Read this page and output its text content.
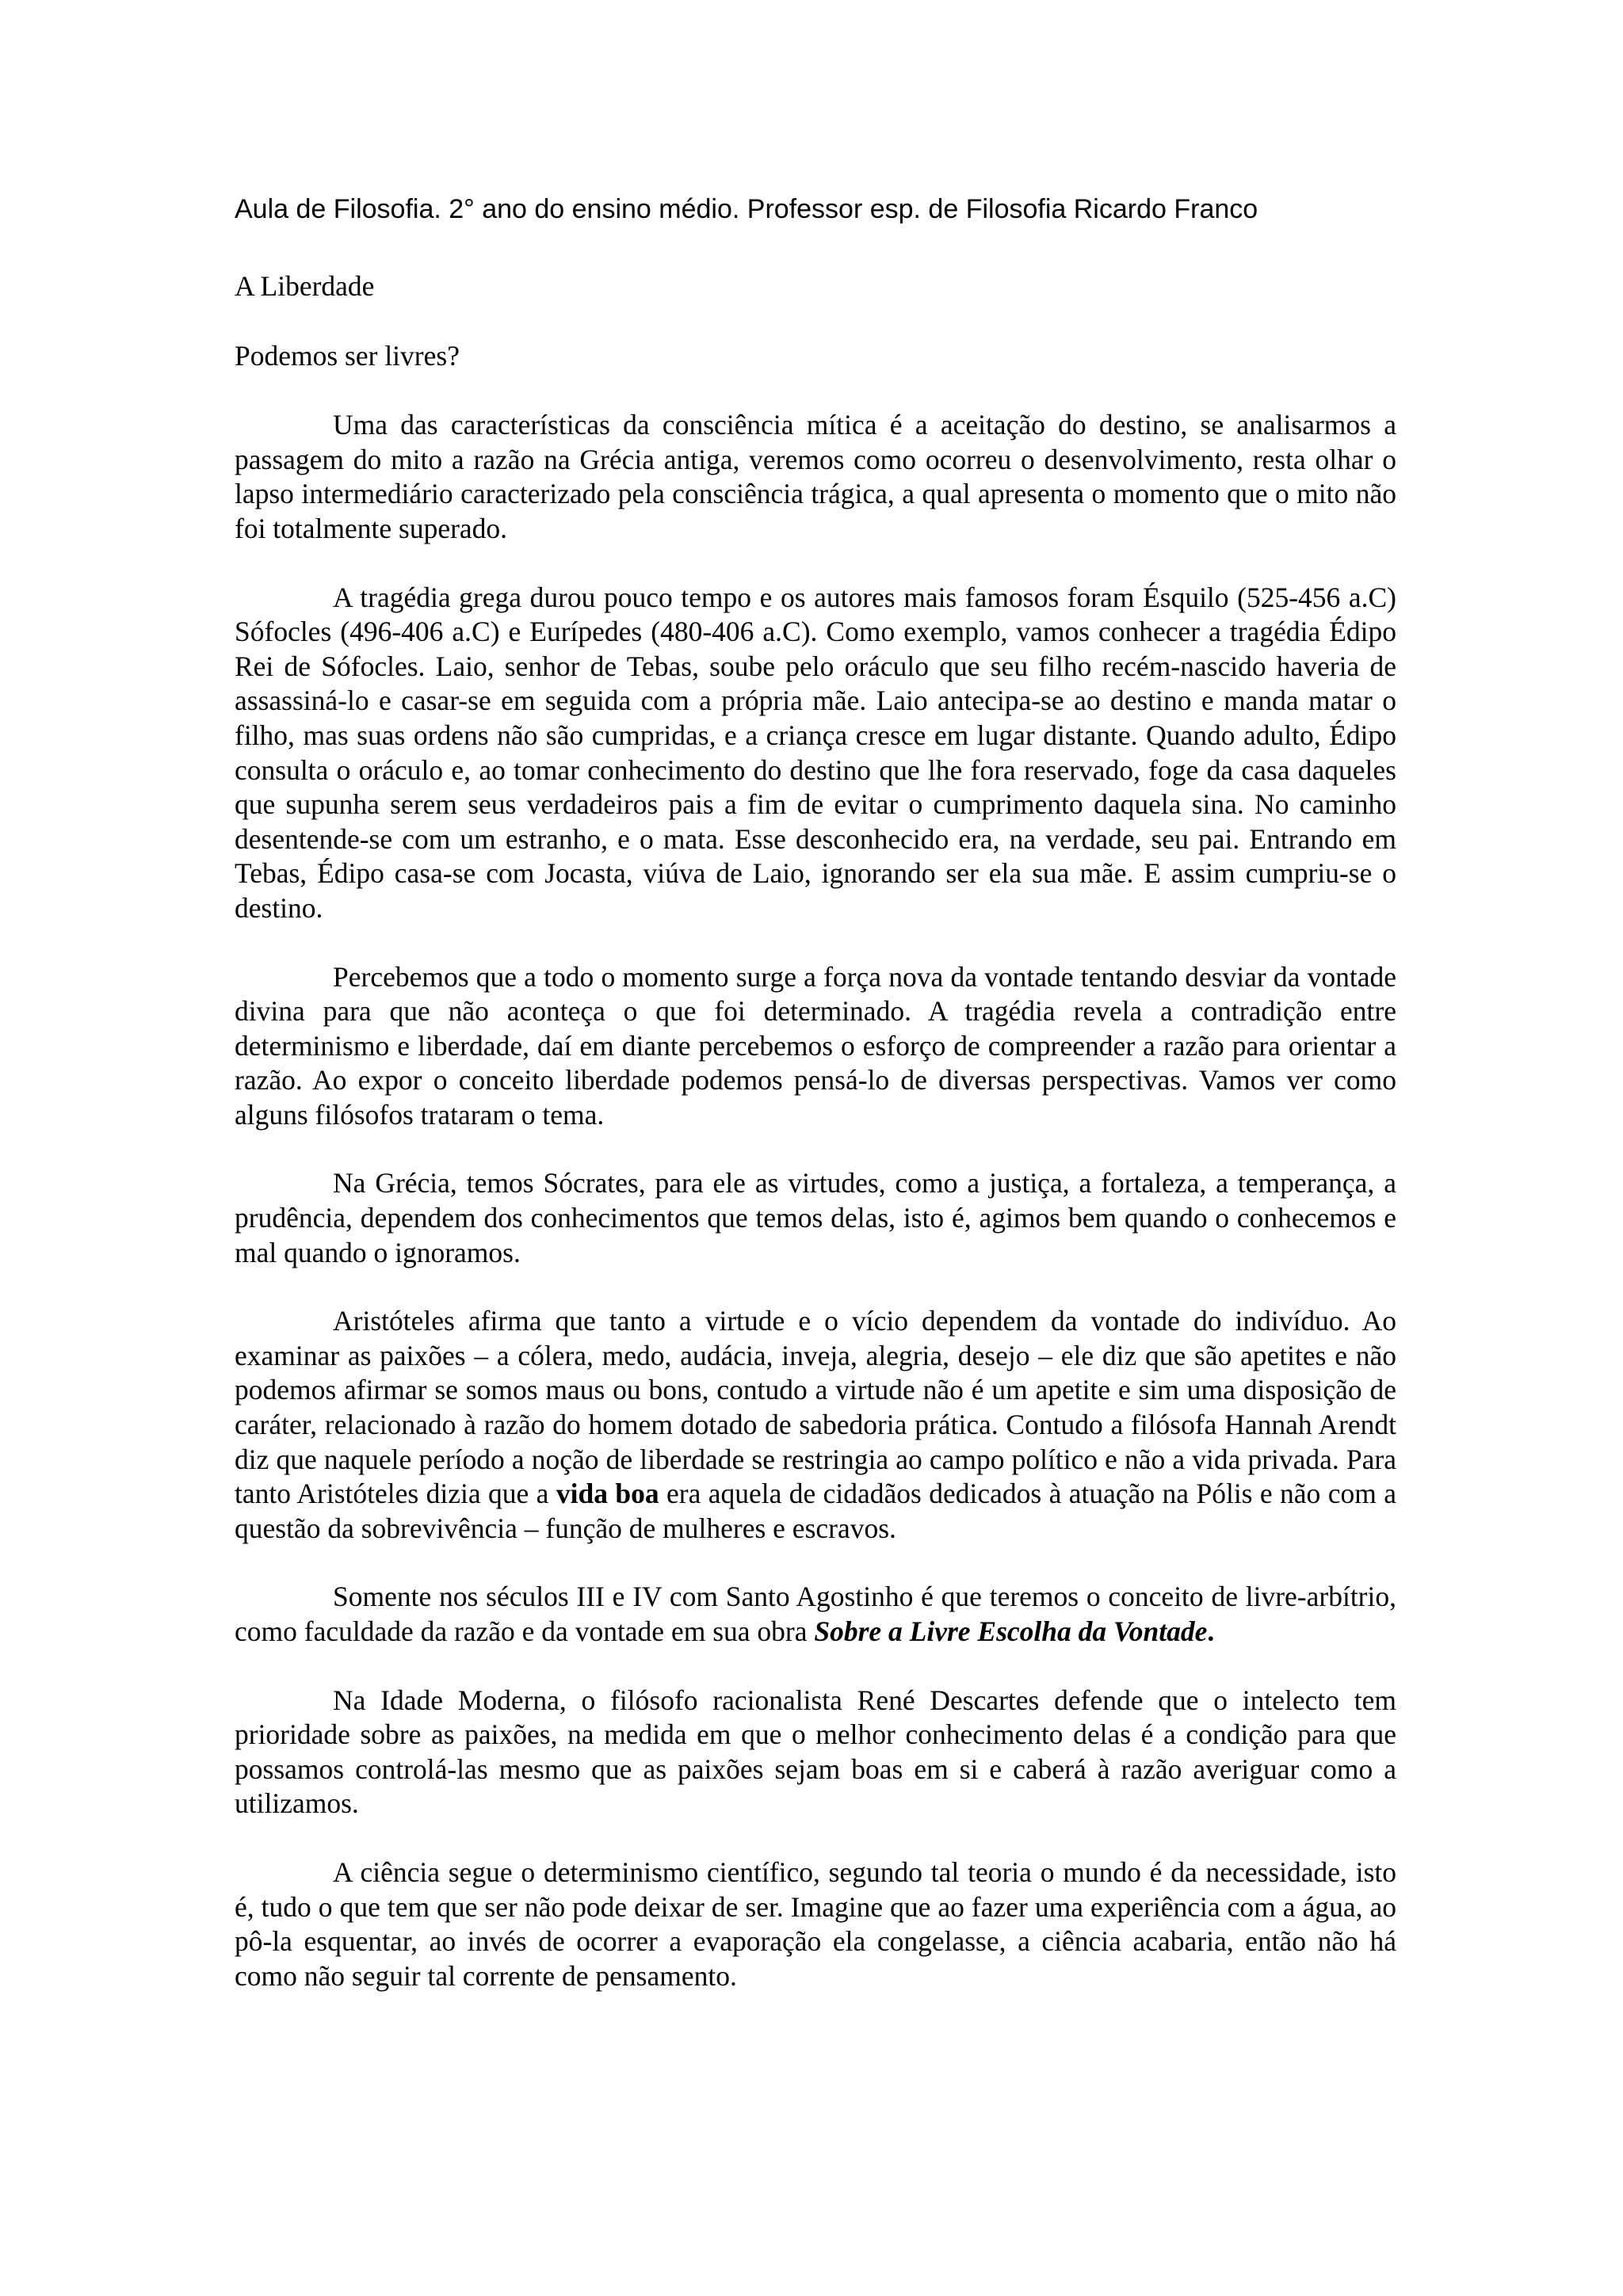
Aula de Filosofia. 2° ano do ensino médio. Professor esp. de Filosofia Ricardo Franco

A Liberdade

Podemos ser livres?

Uma das características da consciência mítica é a aceitação do destino, se analisarmos a passagem do mito a razão na Grécia antiga, veremos como ocorreu o desenvolvimento, resta olhar o lapso intermediário caracterizado pela consciência trágica, a qual apresenta o momento que o mito não foi totalmente superado.

A tragédia grega durou pouco tempo e os autores mais famosos foram Ésquilo (525-456 a.C) Sófocles (496-406 a.C) e Eurípedes (480-406 a.C). Como exemplo, vamos conhecer a tragédia Édipo Rei de Sófocles. Laio, senhor de Tebas, soube pelo oráculo que seu filho recém-nascido haveria de assassiná-lo e casar-se em seguida com a própria mãe. Laio antecipa-se ao destino e manda matar o filho, mas suas ordens não são cumpridas, e a criança cresce em lugar distante. Quando adulto, Édipo consulta o oráculo e, ao tomar conhecimento do destino que lhe fora reservado, foge da casa daqueles que supunha serem seus verdadeiros pais a fim de evitar o cumprimento daquela sina. No caminho desentende-se com um estranho, e o mata. Esse desconhecido era, na verdade, seu pai. Entrando em Tebas, Édipo casa-se com Jocasta, viúva de Laio, ignorando ser ela sua mãe. E assim cumpriu-se o destino.

Percebemos que a todo o momento surge a força nova da vontade tentando desviar da vontade divina para que não aconteça o que foi determinado. A tragédia revela a contradição entre determinismo e liberdade, daí em diante percebemos o esforço de compreender a razão para orientar a razão. Ao expor o conceito liberdade podemos pensá-lo de diversas perspectivas. Vamos ver como alguns filósofos trataram o tema.

Na Grécia, temos Sócrates, para ele as virtudes, como a justiça, a fortaleza, a temperança, a prudência, dependem dos conhecimentos que temos delas, isto é, agimos bem quando o conhecemos e mal quando o ignoramos.

Aristóteles afirma que tanto a virtude e o vício dependem da vontade do indivíduo. Ao examinar as paixões – a cólera, medo, audácia, inveja, alegria, desejo – ele diz que são apetites e não podemos afirmar se somos maus ou bons, contudo a virtude não é um apetite e sim uma disposição de caráter, relacionado à razão do homem dotado de sabedoria prática. Contudo a filósofa Hannah Arendt diz que naquele período a noção de liberdade se restringia ao campo político e não a vida privada. Para tanto Aristóteles dizia que a vida boa era aquela de cidadãos dedicados à atuação na Pólis e não com a questão da sobrevivência – função de mulheres e escravos.

Somente nos séculos III e IV com Santo Agostinho é que teremos o conceito de livre-arbítrio, como faculdade da razão e da vontade em sua obra Sobre a Livre Escolha da Vontade.

Na Idade Moderna, o filósofo racionalista René Descartes defende que o intelecto tem prioridade sobre as paixões, na medida em que o melhor conhecimento delas é a condição para que possamos controlá-las mesmo que as paixões sejam boas em si e caberá à razão averiguar como a utilizamos.

A ciência segue o determinismo científico, segundo tal teoria o mundo é da necessidade, isto é, tudo o que tem que ser não pode deixar de ser. Imagine que ao fazer uma experiência com a água, ao pô-la esquentar, ao invés de ocorrer a evaporação ela congelasse, a ciência acabaria, então não há como não seguir tal corrente de pensamento.
